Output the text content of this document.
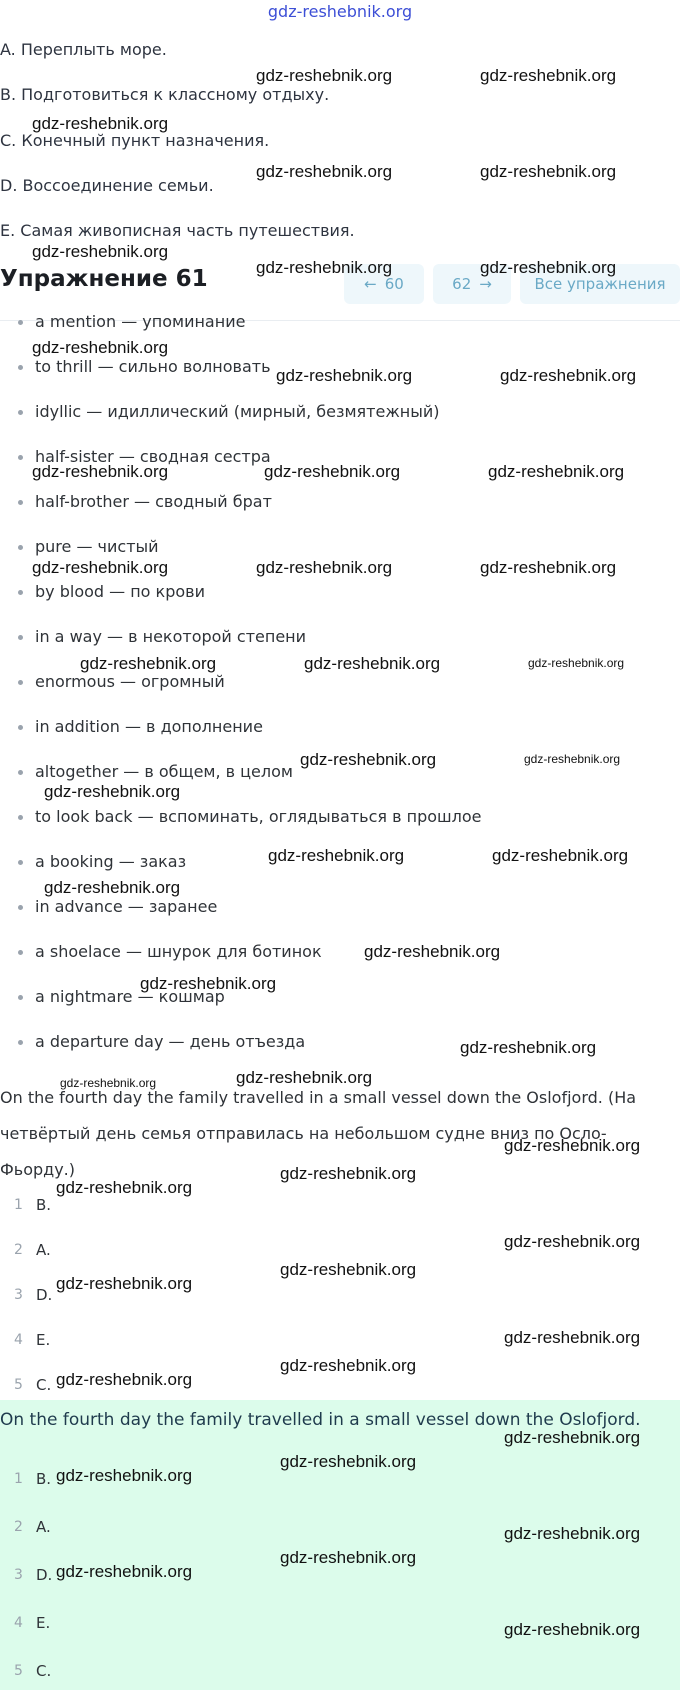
gdz-reshebnik.org
A. Переплыть море.
B. Подготовиться к классному отдыху.
C. Конечный пункт назначения.
D. Воссоединение семьи.
E. Самая живописная часть путешествия.
Упражнение 61	← 60	62 →	Все упражнения
a mention — упоминание
to thrill — сильно волновать
idyllic — идиллический (мирный, безмятежный)
half-sister — сводная сестра
half-brother — сводный брат
pure — чистый
by blood — по крови
in a way — в некоторой степени
enormous — огромный
in addition — в дополнение
altogether — в общем, в целом
to look back — вспоминать, оглядываться в прошлое
a booking — заказ
in advance — заранее
a shoelace — шнурок для ботинок
a nightmare — кошмар
a departure day — день отъезда
On the fourth day the family travelled in a small vessel down the Oslofjord. (На
четвёртый день семья отправилась на небольшом судне вниз по Осло-
Фьорду.)
1 B.
2 A.
3 D.
4 E.
5 C.
On the fourth day the family travelled in a small vessel down the Oslofjord.
1 B.
2 A.
3 D.
4 E.
5 C.
gdz-reshebnik.org	gdz-reshebnik.org
gdz-reshebnik.org
gdz-reshebnik.org	gdz-reshebnik.org
gdz-reshebnik.org
gdz-reshebnik.org	gdz-reshebnik.org
gdz-reshebnik.org
gdz-reshebnik.org	gdz-reshebnik.org
gdz-reshebnik.org	gdz-reshebnik.org	gdz-reshebnik.org
gdz-reshebnik.org	gdz-reshebnik.org	gdz-reshebnik.org
gdz-reshebnik.org	gdz-reshebnik.org	gdz-reshebnik.org
gdz-reshebnik.org	gdz-reshebnik.org
gdz-reshebnik.org
gdz-reshebnik.org	gdz-reshebnik.org
gdz-reshebnik.org
gdz-reshebnik.org
gdz-reshebnik.org
gdz-reshebnik.org
gdz-reshebnik.org	gdz-reshebnik.org
gdz-reshebnik.org
gdz-reshebnik.org
gdz-reshebnik.org
gdz-reshebnik.org
gdz-reshebnik.org
gdz-reshebnik.org
gdz-reshebnik.org
gdz-reshebnik.org
gdz-reshebnik.org
gdz-reshebnik.org
gdz-reshebnik.org
gdz-reshebnik.org
gdz-reshebnik.org
gdz-reshebnik.org
gdz-reshebnik.org
gdz-reshebnik.org
